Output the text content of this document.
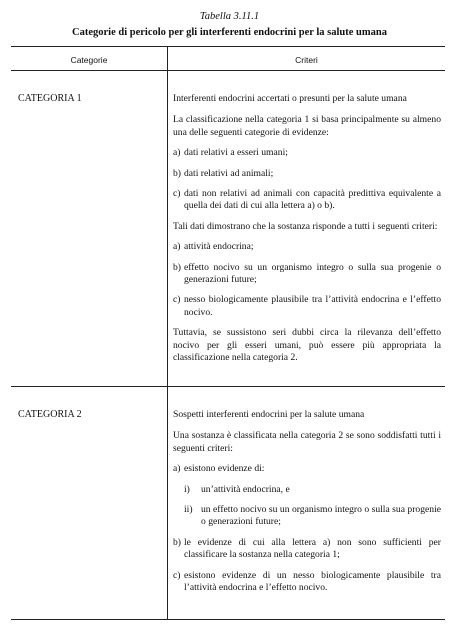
Tabella 3.11.1
Categorie di pericolo per gli interferenti endocrini per la salute umana
Categorie	Criteri
CATEGORIA 1	Interferenti endocrini accertati o presunti per la salute umana

La classificazione nella categoria 1 si basa principalmente su almeno una delle seguenti categorie di evidenze:

a) dati relativi a esseri umani;
b) dati relativi ad animali;
c) dati non relativi ad animali con capacità predittiva equivalente a quella dei dati di cui alla lettera a) o b).

Tali dati dimostrano che la sostanza risponde a tutti i seguenti criteri:

a) attività endocrina;
b) effetto nocivo su un organismo integro o sulla sua progenie o generazioni future;
c) nesso biologicamente plausibile tra l’attività endocrina e l’effetto nocivo.

Tuttavia, se sussistono seri dubbi circa la rilevanza dell’effetto nocivo per gli esseri umani, può essere più appropriata la classificazione nella categoria 2.

CATEGORIA 2	Sospetti interferenti endocrini per la salute umana

Una sostanza è classificata nella categoria 2 se sono soddisfatti tutti i seguenti criteri:

a) esistono evidenze di:
i)	un’attività endocrina, e
ii) un effetto nocivo su un organismo integro o sulla sua progenie o generazioni future;
b) le evidenze di cui alla lettera a) non sono sufficienti per classificare la sostanza nella categoria 1;
c) esistono evidenze di un nesso biologicamente plausibile tra l’attività endocrina e l’effetto nocivo.
